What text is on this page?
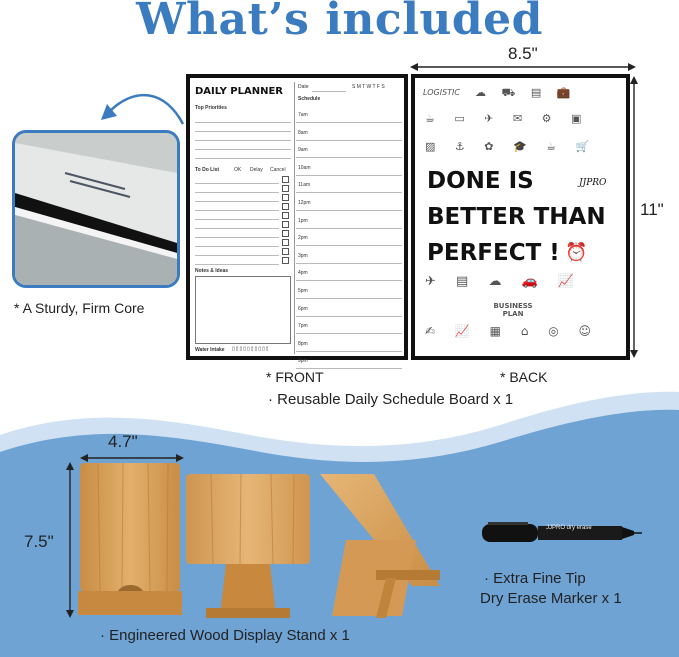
What’s included
8.5"
11"
* A Sturdy, Firm Core
DAILY PLANNER	Date	S M T W T F S
Schedule
Top Priorities
To Do List	OK Delay Cancel
Notes & Ideas
Water Intake ▯▯▯▯▯▯▯▯▯▯
7am
8am
9am
10am
11am
12pm
1pm
2pm
3pm
4pm
5pm
6pm
7pm
8pm
9pm
LOGISTIC ☁ ⛟ ▤ 💼
☕ ▭ ✈ ✉ ⚙ ▣
▨ ⚓ ✿ 🎓 ☕ 🛒
DONE IS	JJPRO
BETTER THAN
PERFECT ! ⏰
✈ ▤ ☁ 🚗 📈
BUSINESS PLAN
✍ 📈 ▦ ⌂ ◎ ☺
* FRONT	* BACK
· Reusable Daily Schedule Board x 1
4.7"
7.5"
JJPRO dry erase
· Extra Fine Tip
Dry Erase Marker x 1
· Engineered Wood Display Stand x 1
